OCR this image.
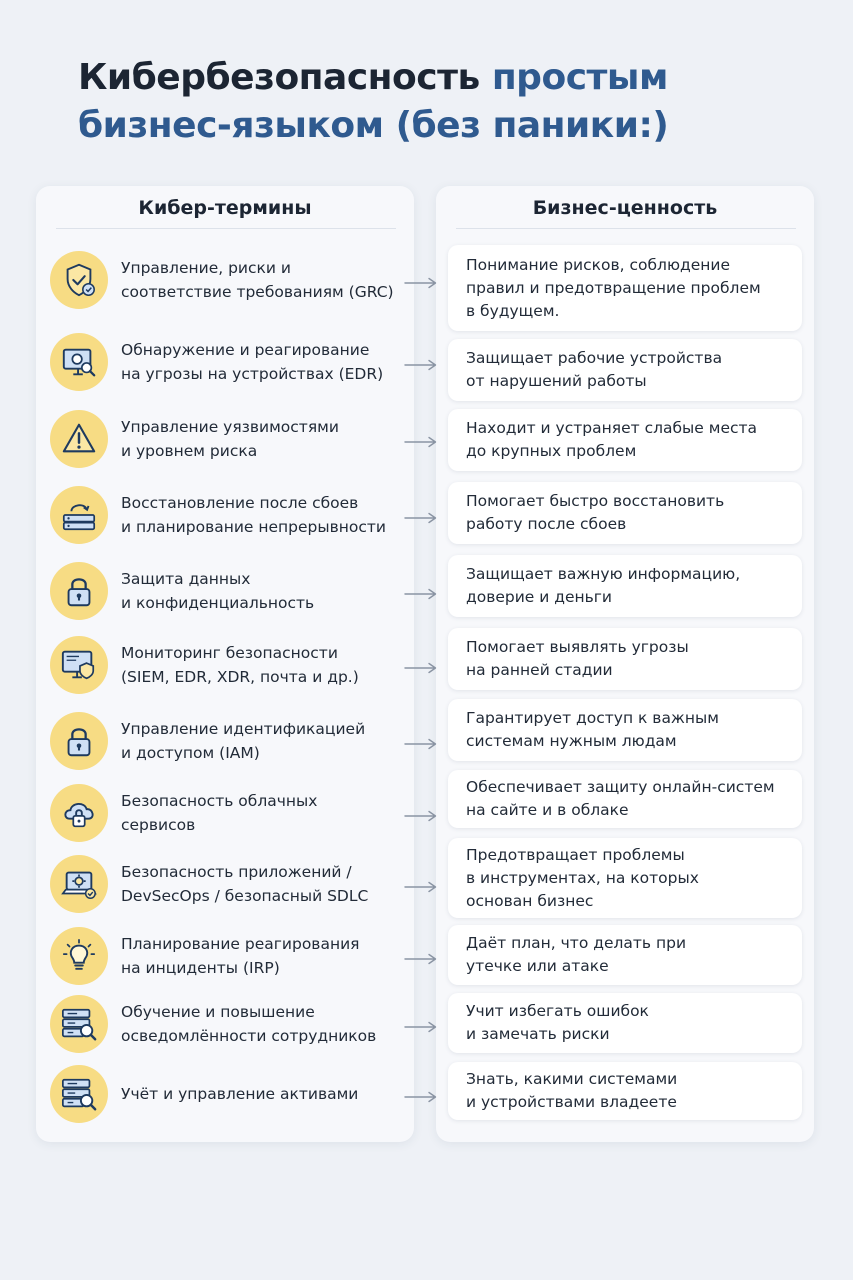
Кибербезопасность простым
бизнес-языком (без паники:)
Кибер-термины	Бизнес-ценность
Управление, риски и
соответствие требованиям (GRC)
Понимание рисков, соблюдение
правил и предотвращение проблем
в будущем.
Обнаружение и реагирование
на угрозы на устройствах (EDR)
Защищает рабочие устройства
от нарушений работы
Управление уязвимостями
и уровнем риска
Находит и устраняет слабые места
до крупных проблем
Восстановление после сбоев
и планирование непрерывности
Помогает быстро восстановить
работу после сбоев
Защита данных
и конфиденциальность
Защищает важную информацию,
доверие и деньги
Мониторинг безопасности
(SIEM, EDR, XDR, почта и др.)
Помогает выявлять угрозы
на ранней стадии
Управление идентификацией
и доступом (IAM)
Гарантирует доступ к важным
системам нужным людам
Безопасность облачных
сервисов
Обеспечивает защиту онлайн-систем
на сайте и в облаке
Безопасность приложений /
DevSecOps / безопасный SDLC
Предотвращает проблемы
в инструментах, на которых
основан бизнес
Планирование реагирования
на инциденты (IRP)
Даёт план, что делать при
утечке или атаке
Обучение и повышение
осведомлённости сотрудников
Учит избегать ошибок
и замечать риски
Учёт и управление активами
Знать, какими системами
и устройствами владеете
